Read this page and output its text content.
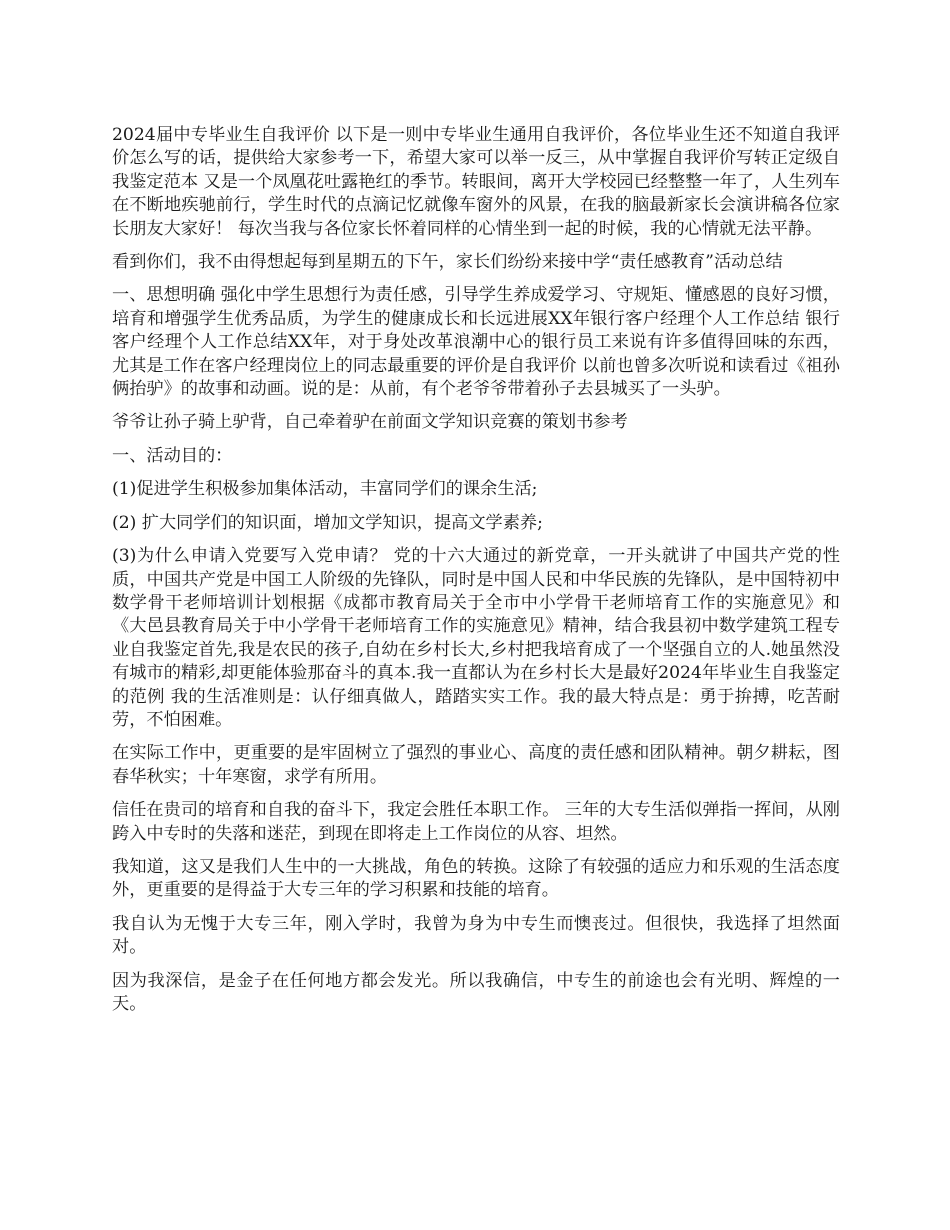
2024届中专毕业生自我评价 以下是一则中专毕业生通用自我评价，各位毕业生还不知道自我评价怎么写的话，提供给大家参考一下，希望大家可以举一反三，从中掌握自我评价写转正定级自我鉴定范本 又是一个凤凰花吐露艳红的季节。转眼间，离开大学校园已经整整一年了，人生列车在不断地疾驰前行，学生时代的点滴记忆就像车窗外的风景，在我的脑最新家长会演讲稿各位家长朋友大家好！ 每次当我与各位家长怀着同样的心情坐到一起的时候，我的心情就无法平静。

看到你们，我不由得想起每到星期五的下午，家长们纷纷来接中学“责任感教育”活动总结

一、思想明确 强化中学生思想行为责任感，引导学生养成爱学习、守规矩、懂感恩的良好习惯，培育和增强学生优秀品质，为学生的健康成长和长远进展XX年银行客户经理个人工作总结 银行客户经理个人工作总结XX年，对于身处改革浪潮中心的银行员工来说有许多值得回味的东西，尤其是工作在客户经理岗位上的同志最重要的评价是自我评价 以前也曾多次听说和读看过《祖孙俩抬驴》的故事和动画。说的是：从前，有个老爷爷带着孙子去县城买了一头驴。

爷爷让孙子骑上驴背，自己牵着驴在前面文学知识竞赛的策划书参考

一、活动目的：

(1)促进学生积极参加集体活动，丰富同学们的课余生活;

(2) 扩大同学们的知识面，增加文学知识，提高文学素养;

(3)为什么申请入党要写入党申请？ 党的十六大通过的新党章，一开头就讲了中国共产党的性质，中国共产党是中国工人阶级的先锋队，同时是中国人民和中华民族的先锋队，是中国特初中数学骨干老师培训计划根据《成都市教育局关于全市中小学骨干老师培育工作的实施意见》和《大邑县教育局关于中小学骨干老师培育工作的实施意见》精神，结合我县初中数学建筑工程专业自我鉴定首先,我是农民的孩子,自幼在乡村长大,乡村把我培育成了一个坚强自立的人.她虽然没有城市的精彩,却更能体验那奋斗的真本.我一直都认为在乡村长大是最好2024年毕业生自我鉴定的范例 我的生活准则是：认仔细真做人，踏踏实实工作。我的最大特点是：勇于拚搏，吃苦耐劳，不怕困难。

在实际工作中，更重要的是牢固树立了强烈的事业心、高度的责任感和团队精神。朝夕耕耘，图春华秋实；十年寒窗，求学有所用。

信任在贵司的培育和自我的奋斗下，我定会胜任本职工作。 三年的大专生活似弹指一挥间，从刚跨入中专时的失落和迷茫，到现在即将走上工作岗位的从容、坦然。

我知道，这又是我们人生中的一大挑战，角色的转换。这除了有较强的适应力和乐观的生活态度外，更重要的是得益于大专三年的学习积累和技能的培育。

我自认为无愧于大专三年，刚入学时，我曾为身为中专生而懊丧过。但很快，我选择了坦然面对。

因为我深信，是金子在任何地方都会发光。所以我确信，中专生的前途也会有光明、辉煌的一天。
